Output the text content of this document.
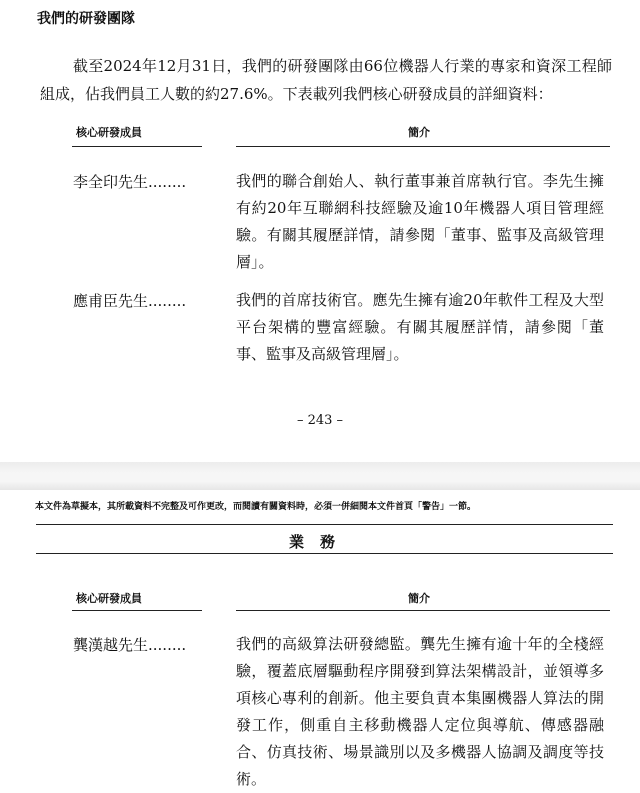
我們的研發團隊

截至2024年12月31日，我們的研發團隊由66位機器人行業的專家和資深工程師組成，佔我們員工人數的約27.6%。下表載列我們核心研發成員的詳細資料：

核心研發成員	簡介
李全印先生........	我們的聯合創始人、執行董事兼首席執行官。李先生擁有約20年互聯網科技經驗及逾10年機器人項目管理經驗。有關其履歷詳情，請參閱「董事、監事及高級管理層」。
應甫臣先生........	我們的首席技術官。應先生擁有逾20年軟件工程及大型平台架構的豐富經驗。有關其履歷詳情，請參閱「董事、監事及高級管理層」。
– 243 –
本文件為草擬本，其所載資料不完整及可作更改，而閱讀有關資料時，必須一併細閱本文件首頁「警告」一節。
業務
核心研發成員	簡介
龔漢越先生........	我們的高級算法研發總監。龔先生擁有逾十年的全棧經驗，覆蓋底層驅動程序開發到算法架構設計，並領導多項核心專利的創新。他主要負責本集團機器人算法的開發工作，側重自主移動機器人定位與導航、傳感器融合、仿真技術、場景識別以及多機器人協調及調度等技術。
